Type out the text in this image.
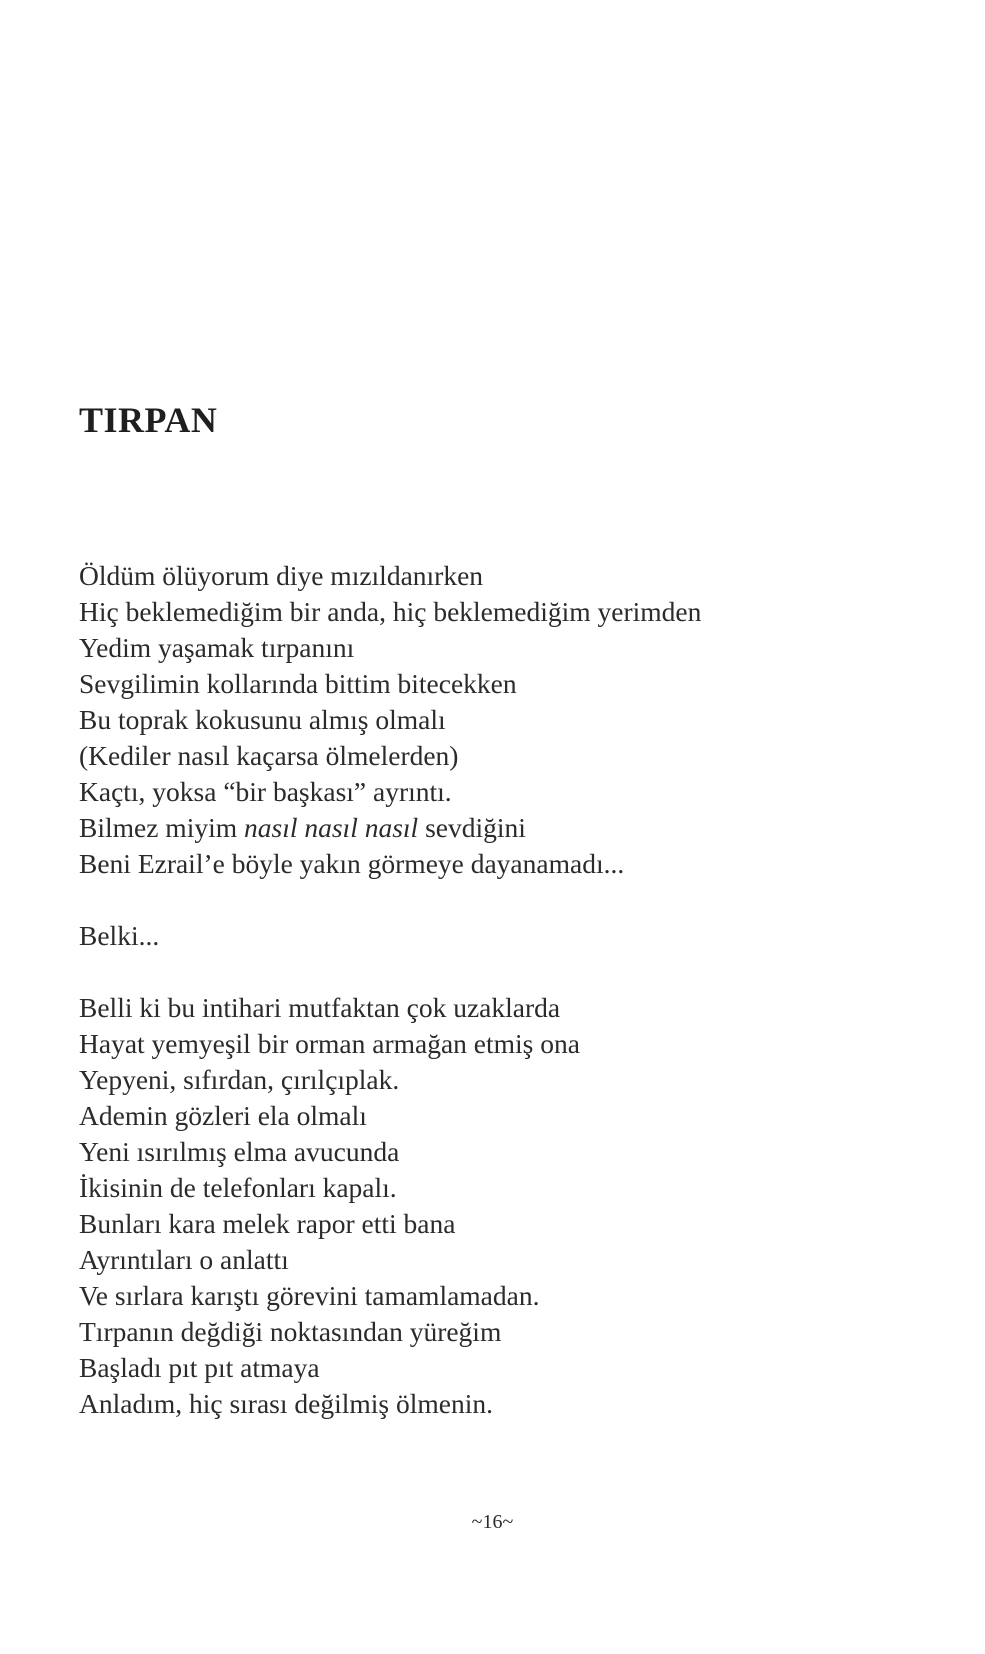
TIRPAN
Öldüm ölüyorum diye mızıldanırken
Hiç beklemediğim bir anda, hiç beklemediğim yerimden
Yedim yaşamak tırpanını
Sevgilimin kollarında bittim bitecekken
Bu toprak kokusunu almış olmalı
(Kediler nasıl kaçarsa ölmelerden)
Kaçtı, yoksa “bir başkası” ayrıntı.
Bilmez miyim nasıl nasıl nasıl sevdiğini
Beni Ezrail’e böyle yakın görmeye dayanamadı...
Belki...
Belli ki bu intihari mutfaktan çok uzaklarda
Hayat yemyeşil bir orman armağan etmiş ona
Yepyeni, sıfırdan, çırılçıplak.
Ademin gözleri ela olmalı
Yeni ısırılmış elma avucunda
İkisinin de telefonları kapalı.
Bunları kara melek rapor etti bana
Ayrıntıları o anlattı
Ve sırlara karıştı görevini tamamlamadan.
Tırpanın değdiği noktasından yüreğim
Başladı pıt pıt atmaya
Anladım, hiç sırası değilmiş ölmenin.
~16~
